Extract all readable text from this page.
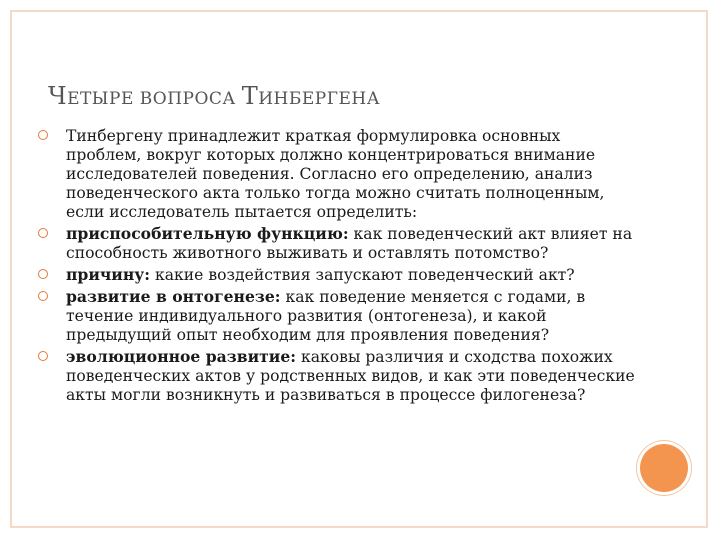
ЧЕТЫРЕ ВОПРОСА ТИНБЕРГЕНА
Тинбергену принадлежит краткая формулировка основных проблем, вокруг которых должно концентрироваться внимание исследователей поведения. Согласно его определению, анализ поведенческого акта только тогда можно считать полноценным, если исследователь пытается определить:
приспособительную функцию: как поведенческий акт влияет на способность животного выживать и оставлять потомство?
причину: какие воздействия запускают поведенческий акт?
развитие в онтогенезе: как поведение меняется с годами, в течение индивидуального развития (онтогенеза), и какой предыдущий опыт необходим для проявления поведения?
эволюционное развитие: каковы различия и сходства похожих поведенческих актов у родственных видов, и как эти поведенческие акты могли возникнуть и развиваться в процессе филогенеза?
